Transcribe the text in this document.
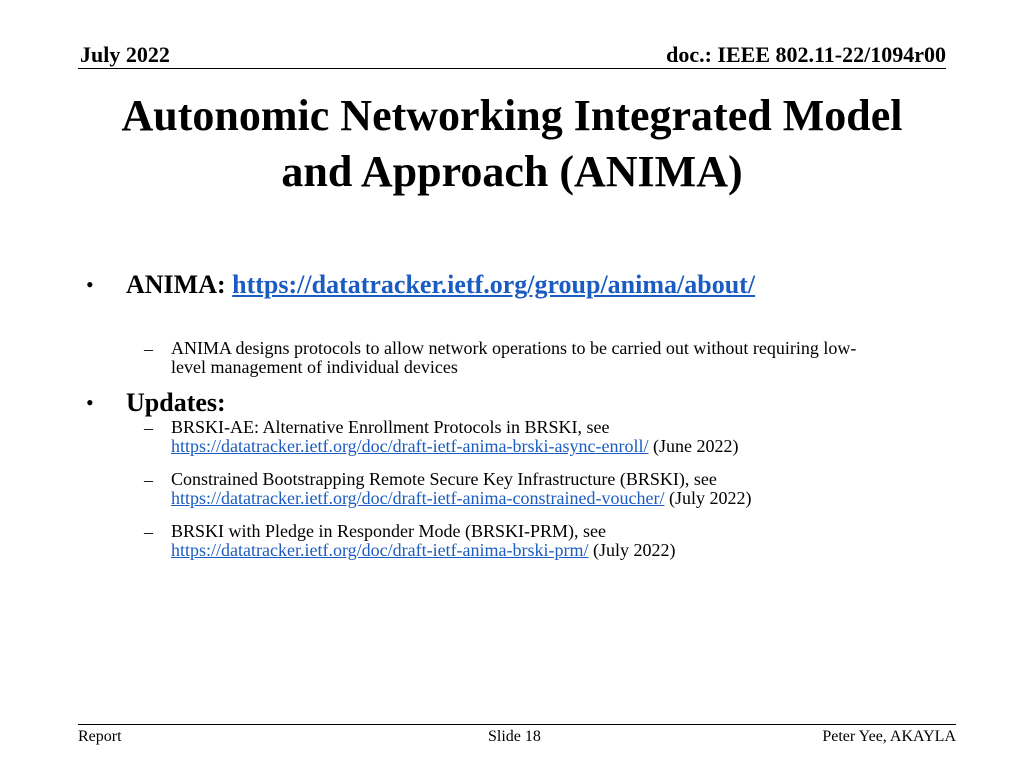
July 2022	doc.: IEEE 802.11-22/1094r00
Autonomic Networking Integrated Model
and Approach (ANIMA)
• ANIMA: https://datatracker.ietf.org/group/anima/about/
– ANIMA designs protocols to allow network operations to be carried out without requiring low-
level management of individual devices
• Updates:
– BRSKI-AE: Alternative Enrollment Protocols in BRSKI, see
https://datatracker.ietf.org/doc/draft-ietf-anima-brski-async-enroll/ (June 2022)
– Constrained Bootstrapping Remote Secure Key Infrastructure (BRSKI), see
https://datatracker.ietf.org/doc/draft-ietf-anima-constrained-voucher/ (July 2022)
– BRSKI with Pledge in Responder Mode (BRSKI-PRM), see
https://datatracker.ietf.org/doc/draft-ietf-anima-brski-prm/ (July 2022)
Report	Slide 18	Peter Yee, AKAYLA
